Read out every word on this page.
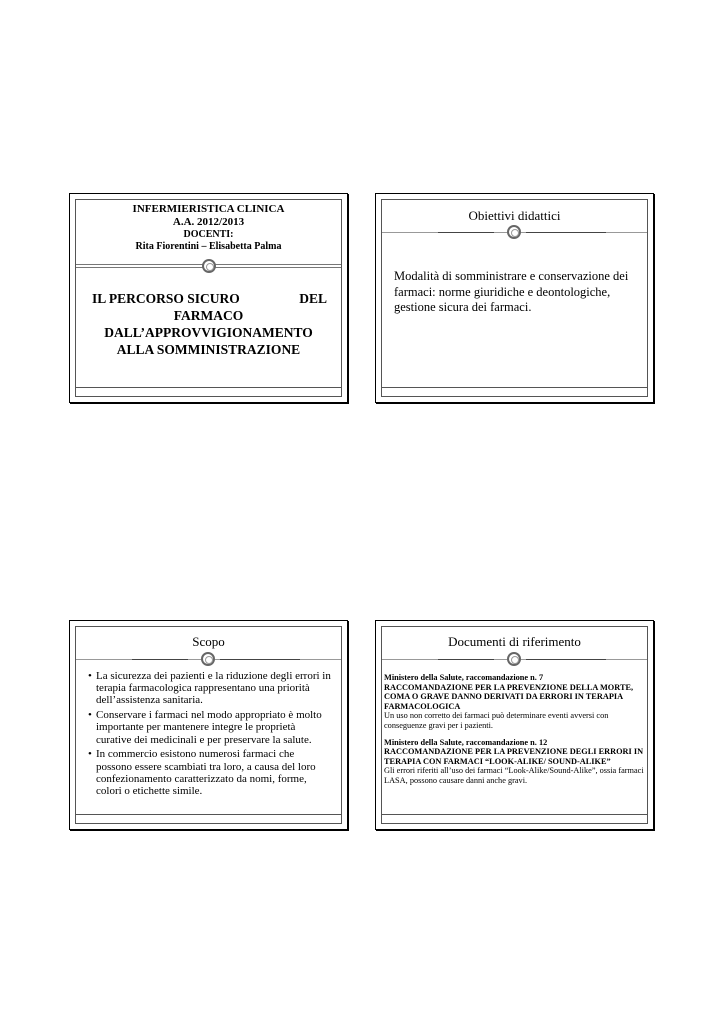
INFERMIERISTICA CLINICA
A.A. 2012/2013
DOCENTI:
Rita Fiorentini – Elisabetta Palma
IL PERCORSO SICURO	DEL
FARMACO
DALL’APPROVVIGIONAMENTO
ALLA SOMMINISTRAZIONE
Obiettivi didattici
Modalità di somministrare e conservazione dei farmaci: norme giuridiche e deontologiche, gestione sicura dei farmaci.
Scopo
• La sicurezza dei pazienti e la riduzione degli errori in terapia farmacologica rappresentano una priorità dell’assistenza sanitaria.
• Conservare i farmaci nel modo appropriato è molto importante per mantenere integre le proprietà curative dei medicinali e per preservare la salute.
• In commercio esistono numerosi farmaci che possono essere scambiati tra loro, a causa del loro confezionamento caratterizzato da nomi, forme, colori o etichette simile.
Documenti di riferimento
Ministero della Salute, raccomandazione n. 7
RACCOMANDAZIONE PER LA PREVENZIONE DELLA MORTE, COMA O GRAVE DANNO DERIVATI DA ERRORI IN TERAPIA FARMACOLOGICA
Un uso non corretto dei farmaci può determinare eventi avversi con conseguenze gravi per i pazienti.
Ministero della Salute, raccomandazione n. 12
RACCOMANDAZIONE PER LA PREVENZIONE DEGLI ERRORI IN TERAPIA CON FARMACI “LOOK-ALIKE/ SOUND-ALIKE”
Gli errori riferiti all’uso dei farmaci “Look-Alike/Sound-Alike”, ossia farmaci LASA, possono causare danni anche gravi.
